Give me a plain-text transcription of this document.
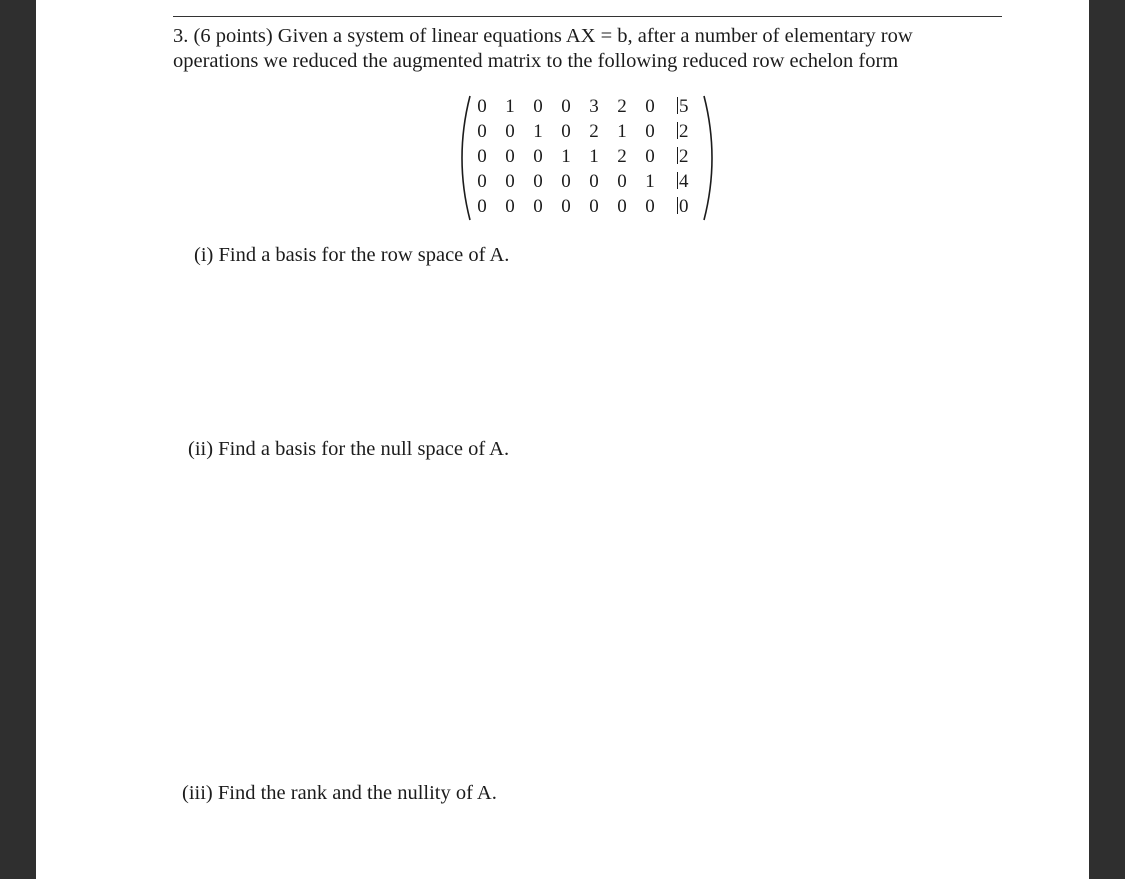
3. (6 points) Given a system of linear equations AX = b, after a number of elementary row
operations we reduced the augmented matrix to the following reduced row echelon form
0 1 0 0 3 2 0 5
0 0 1 0 2 1 0 2
0 0 0 1 1 2 0 2
0 0 0 0 0 0 1 4
0 0 0 0 0 0 0 0
(i) Find a basis for the row space of A.
(ii) Find a basis for the null space of A.
(iii) Find the rank and the nullity of A.
